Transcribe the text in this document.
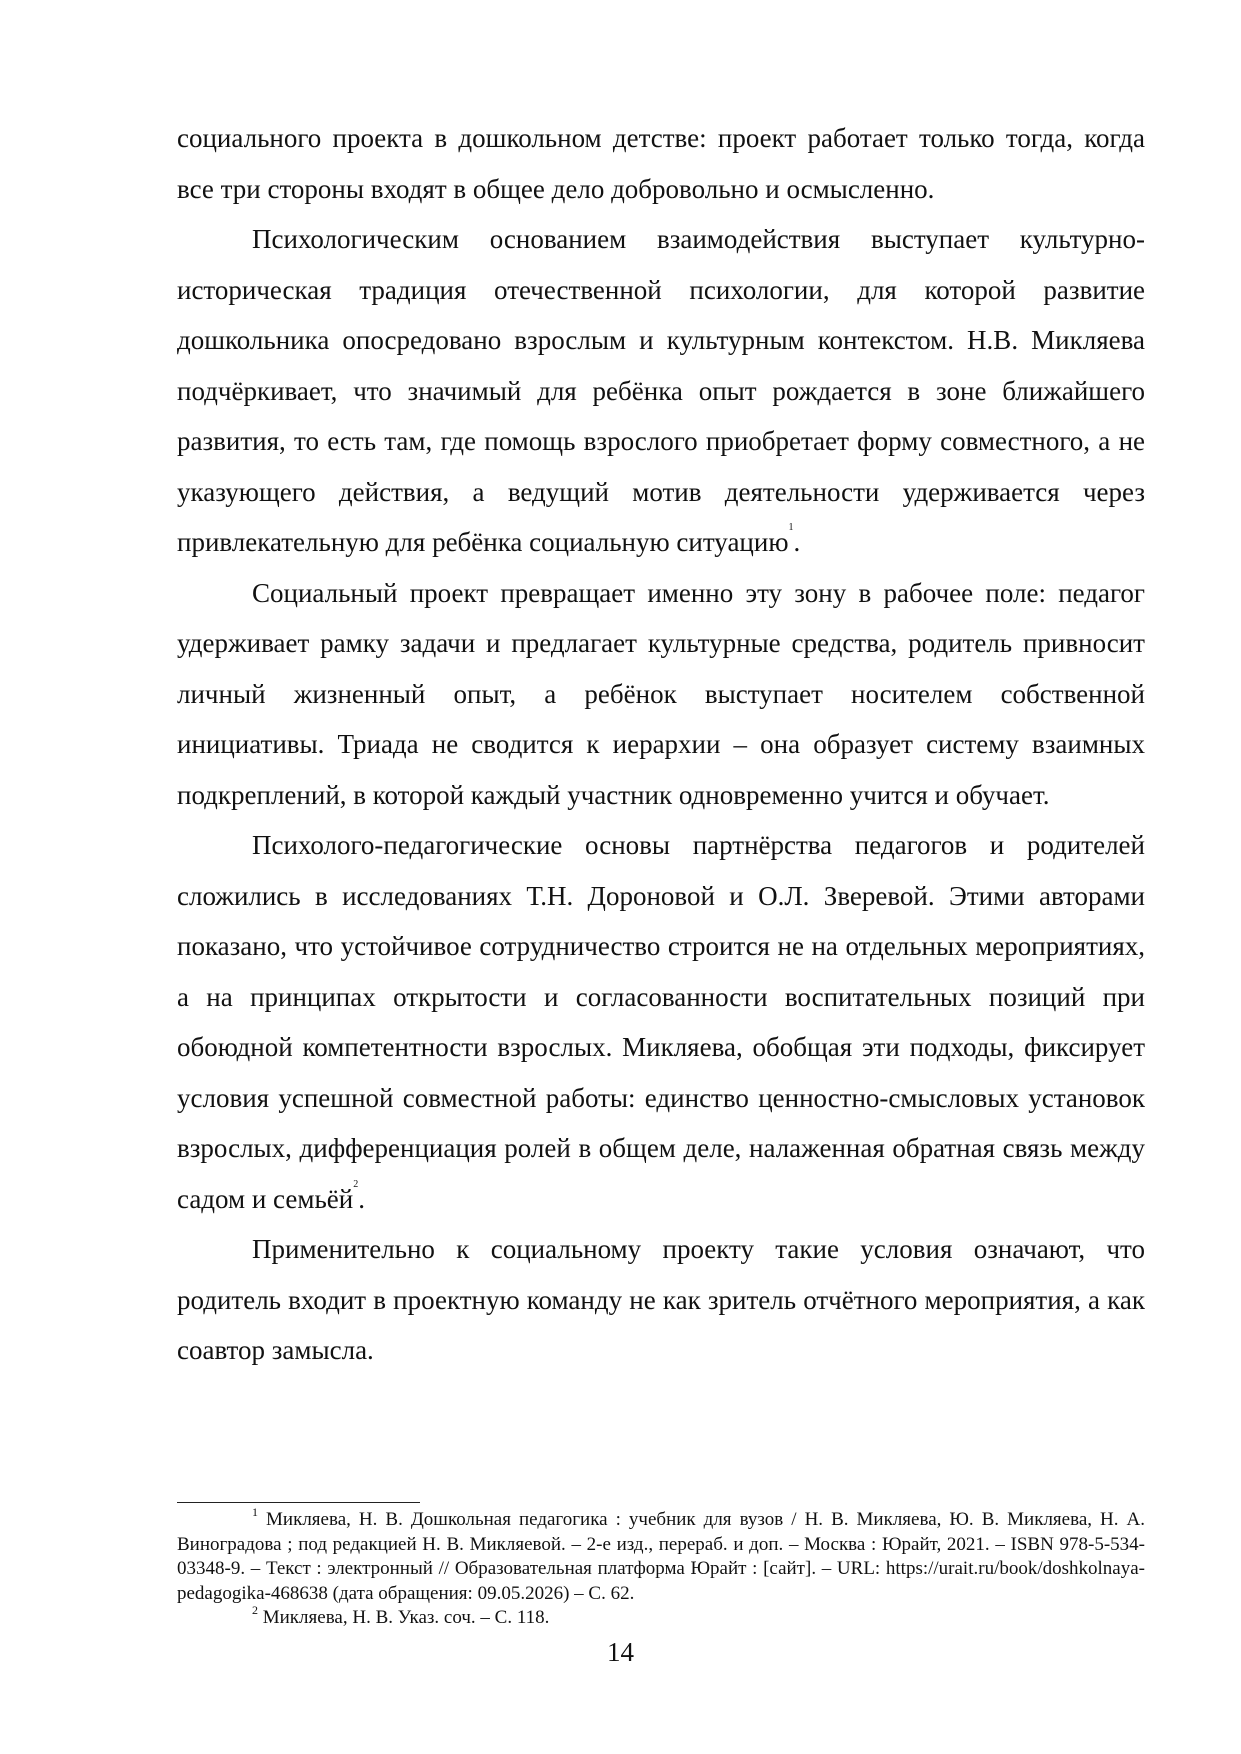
социального проекта в дошкольном детстве: проект работает только тогда, когда все три стороны входят в общее дело добровольно и осмысленно.

Психологическим основанием взаимодействия выступает культурно-историческая традиция отечественной психологии, для которой развитие дошкольника опосредовано взрослым и культурным контекстом. Н.В. Микляева подчёркивает, что значимый для ребёнка опыт рождается в зоне ближайшего развития, то есть там, где помощь взрослого приобретает форму совместного, а не указующего действия, а ведущий мотив деятельности удерживается через привлекательную для ребёнка социальную ситуацию$^1$.

Социальный проект превращает именно эту зону в рабочее поле: педагог удерживает рамку задачи и предлагает культурные средства, родитель привносит личный жизненный опыт, а ребёнок выступает носителем собственной инициативы. Триада не сводится к иерархии – она образует систему взаимных подкреплений, в которой каждый участник одновременно учится и обучает.

Психолого-педагогические основы партнёрства педагогов и родителей сложились в исследованиях Т.Н. Дороновой и О.Л. Зверевой. Этими авторами показано, что устойчивое сотрудничество строится не на отдельных мероприятиях, а на принципах открытости и согласованности воспитательных позиций при обоюдной компетентности взрослых. Микляева, обобщая эти подходы, фиксирует условия успешной совместной работы: единство ценностно-смысловых установок взрослых, дифференциация ролей в общем деле, налаженная обратная связь между садом и семьёй$^2$.

Применительно к социальному проекту такие условия означают, что родитель входит в проектную команду не как зритель отчётного мероприятия, а как соавтор замысла.

$^1$ Микляева, Н. В. Дошкольная педагогика : учебник для вузов / Н. В. Микляева, Ю. В. Микляева, Н. А. Виноградова ; под редакцией Н. В. Микляевой. – 2-е изд., перераб. и доп. – Москва : Юрайт, 2021. – ISBN 978-5-534-03348-9. – Текст : электронный // Образовательная платформа Юрайт : [сайт]. – URL: https://urait.ru/book/doshkolnaya-pedagogika-468638 (дата обращения: 09.05.2026) – С. 62.

$^2$ Микляева, Н. В. Указ. соч. – С. 118.

14
